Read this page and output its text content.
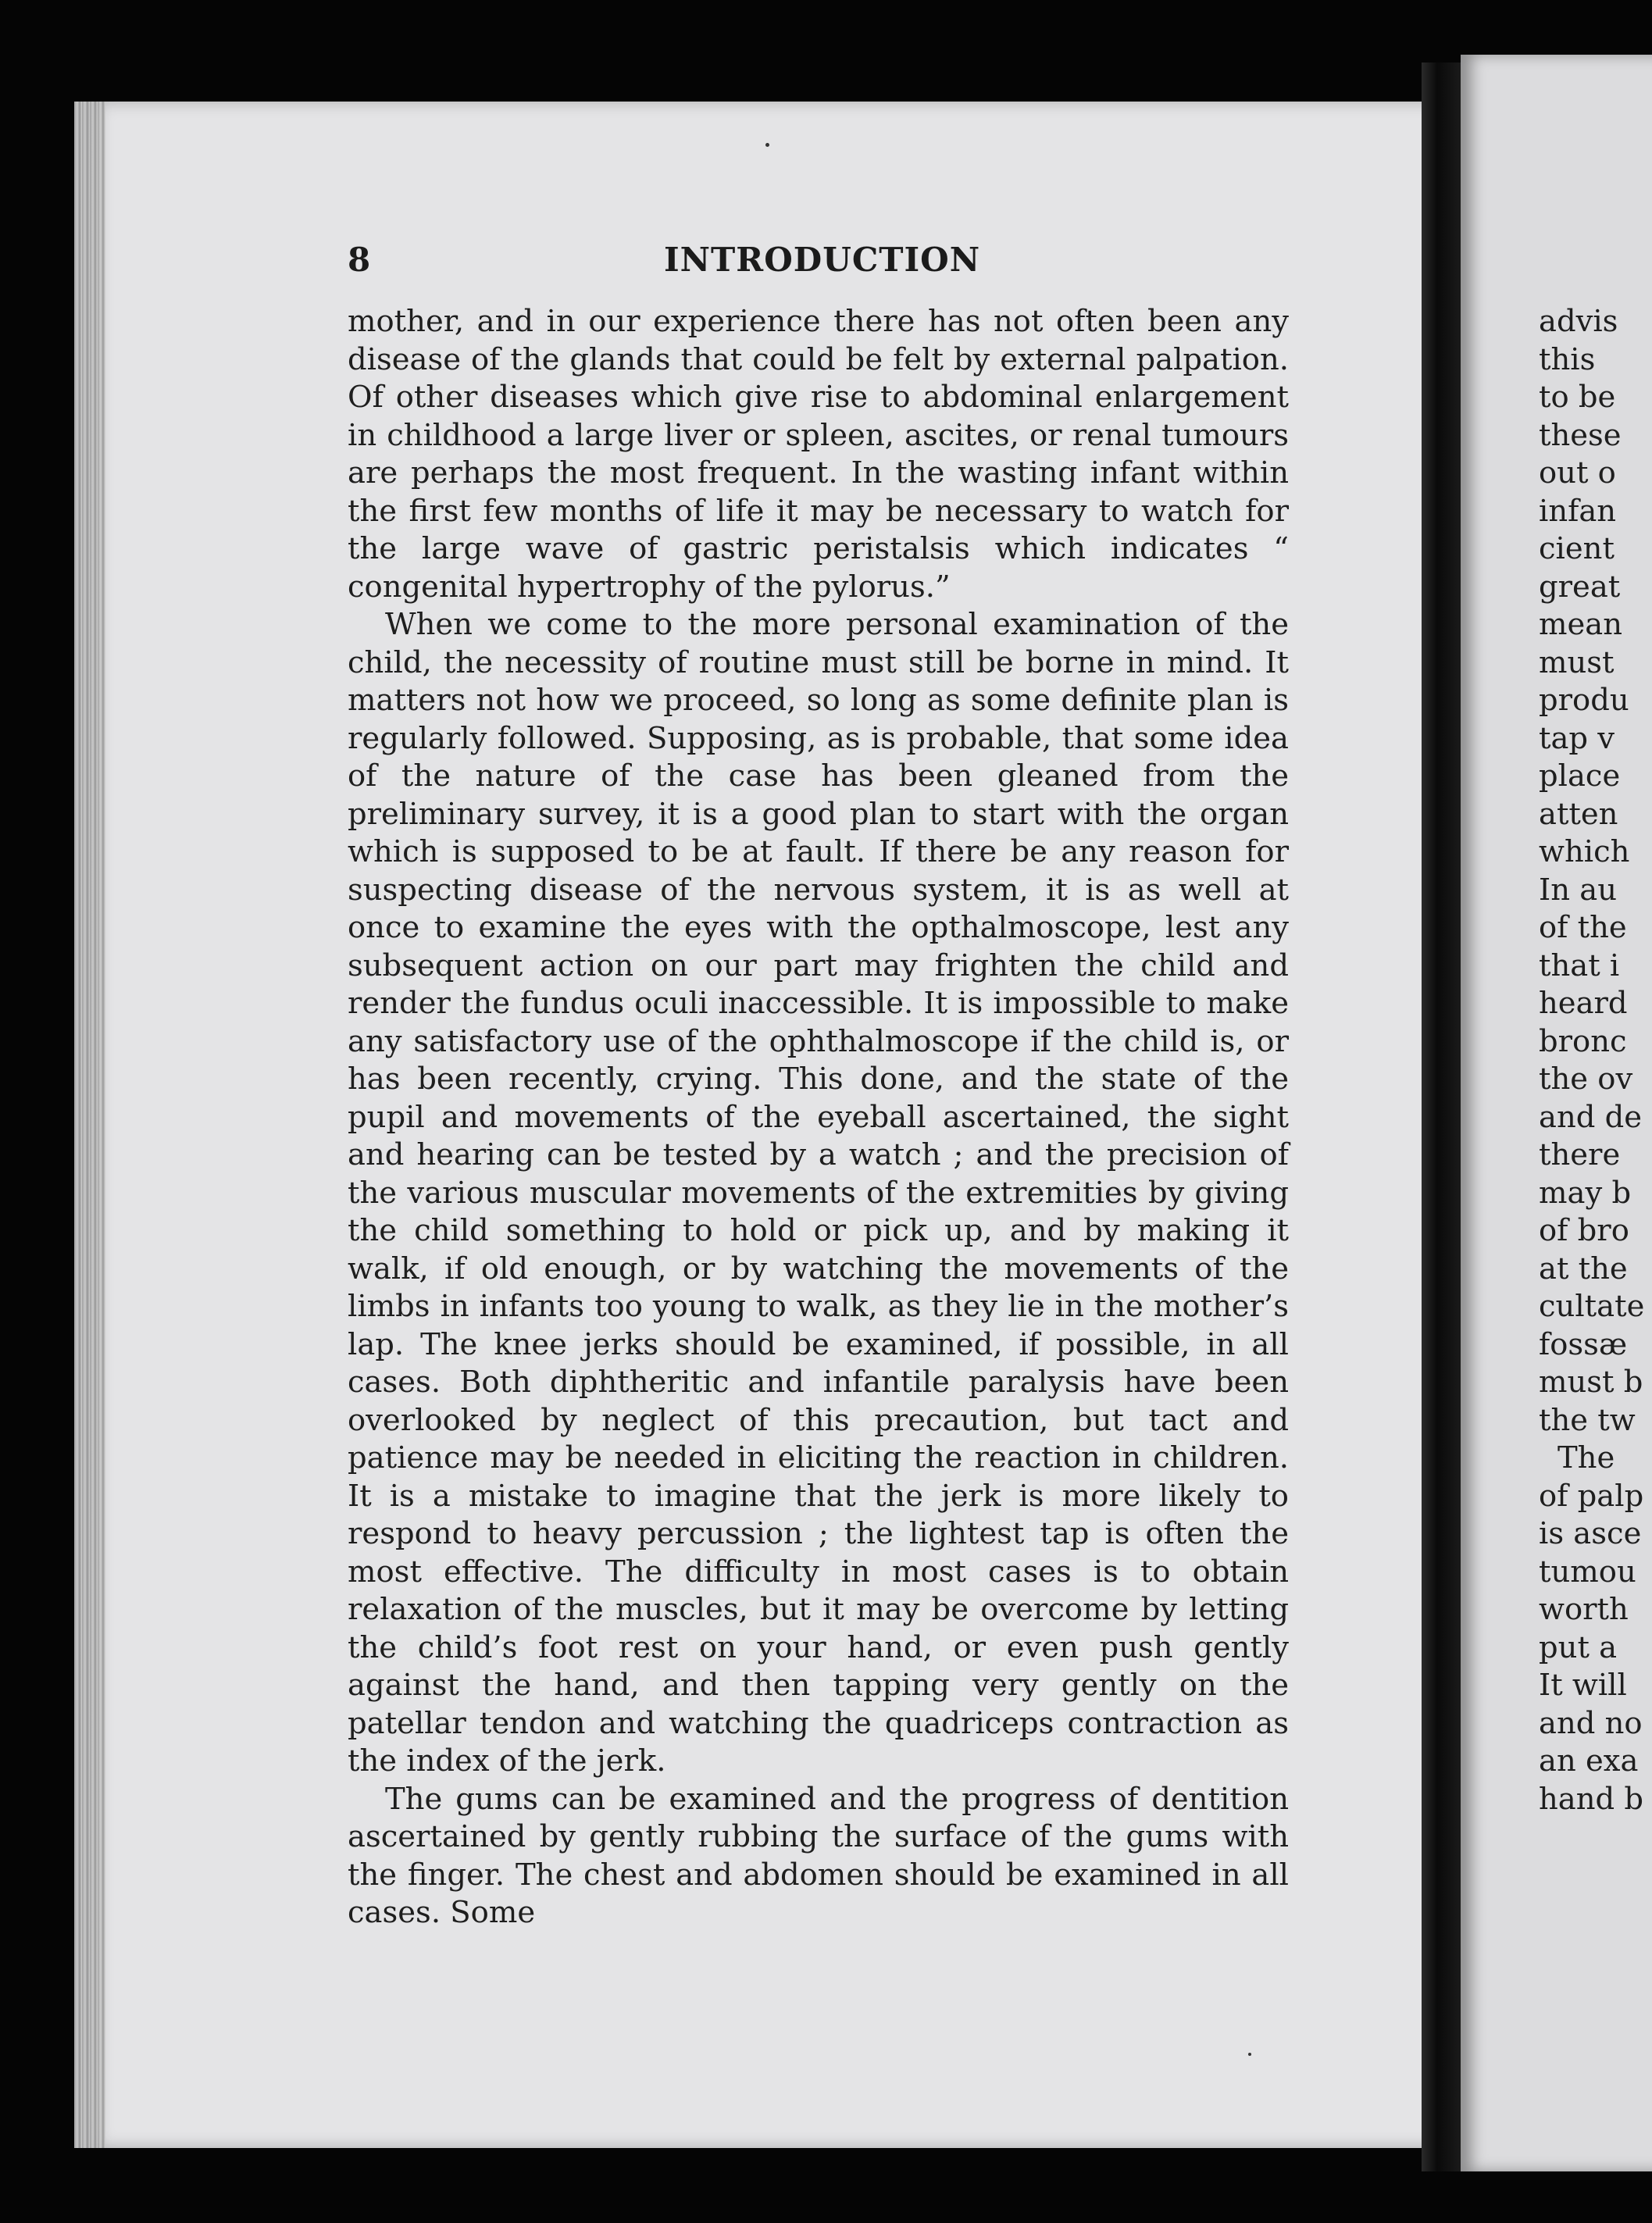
8	INTRODUCTION

mother, and in our experience there has not often been any disease of the glands that could be felt by external palpation. Of other diseases which give rise to abdominal enlargement in childhood a large liver or spleen, ascites, or renal tumours are perhaps the most frequent. In the wasting infant within the first few months of life it may be necessary to watch for the large wave of gastric peristalsis which indicates “ congenital hypertrophy of the pylorus.”

When we come to the more personal examination of the child, the necessity of routine must still be borne in mind. It matters not how we proceed, so long as some definite plan is regularly followed. Supposing, as is probable, that some idea of the nature of the case has been gleaned from the preliminary survey, it is a good plan to start with the organ which is supposed to be at fault. If there be any reason for suspecting disease of the nervous system, it is as well at once to examine the eyes with the opthalmoscope, lest any subsequent action on our part may frighten the child and render the fundus oculi inaccessible. It is impossible to make any satisfactory use of the ophthalmoscope if the child is, or has been recently, crying. This done, and the state of the pupil and movements of the eyeball ascertained, the sight and hearing can be tested by a watch ; and the precision of the various muscular movements of the extremities by giving the child something to hold or pick up, and by making it walk, if old enough, or by watching the movements of the limbs in infants too young to walk, as they lie in the mother’s lap. The knee jerks should be examined, if possible, in all cases. Both diphtheritic and infantile paralysis have been overlooked by neglect of this precaution, but tact and patience may be needed in eliciting the reaction in children. It is a mistake to imagine that the jerk is more likely to respond to heavy percussion ; the lightest tap is often the most effective. The difficulty in most cases is to obtain relaxation of the muscles, but it may be overcome by letting the child’s foot rest on your hand, or even push gently against the hand, and then tapping very gently on the patellar tendon and watching the quadriceps contraction as the index of the jerk.

The gums can be examined and the progress of dentition ascertained by gently rubbing the surface of the gums with the finger. The chest and abdomen should be examined in all cases. Some

advis
this
to be
these
out o
infan
cient
great
mean
must
produ
tap v
place
atten
which
In au
of the
that i
heard
bronc
the ov
and de
there
may b
of bro
at the
cultate
fossæ
must b
the tw
The
of palp
is asce
tumou
worth
put a
It will
and no
an exa
hand b
